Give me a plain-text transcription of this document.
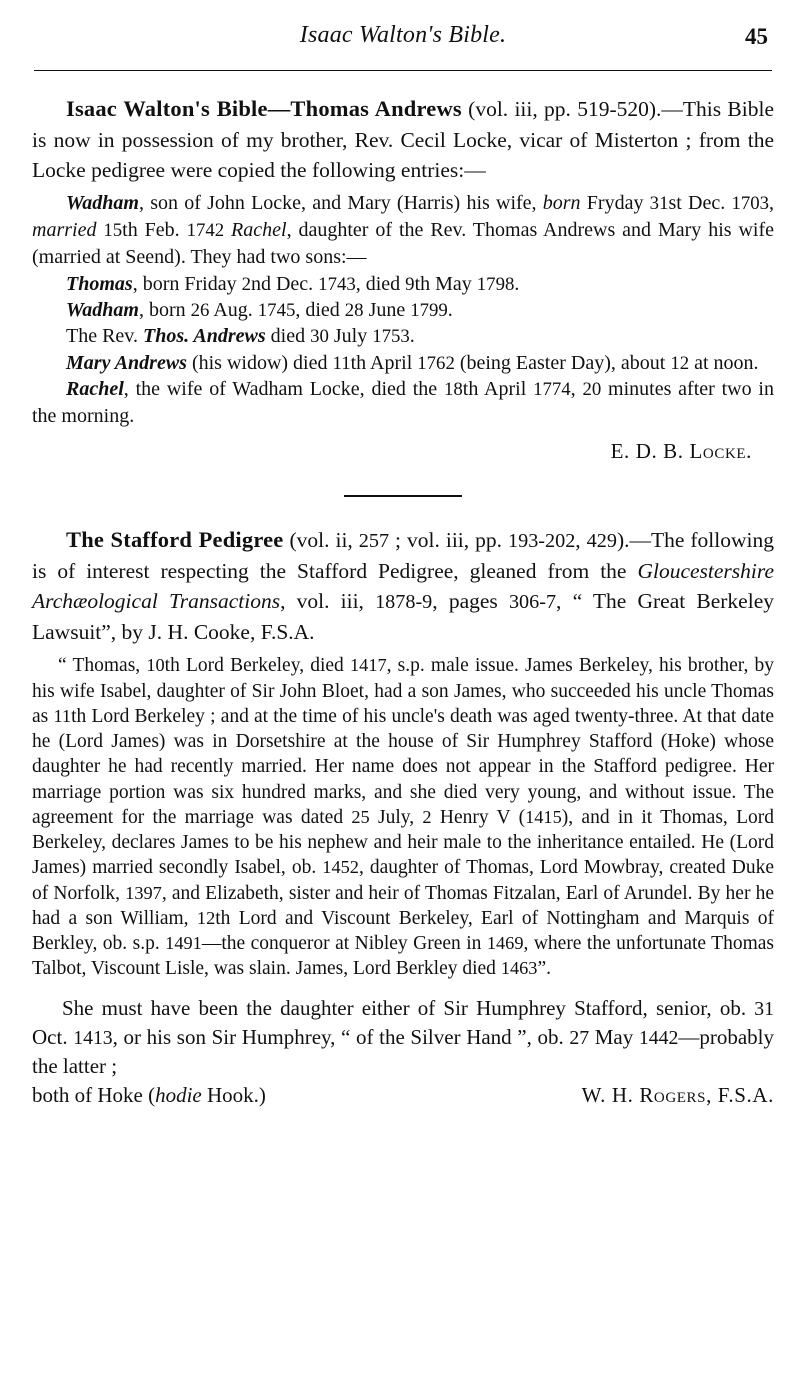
Isaac Walton's Bible.	45

Isaac Walton's Bible—Thomas Andrews (vol. iii, pp. 519-520).—This Bible is now in possession of my brother, Rev. Cecil Locke, vicar of Misterton ; from the Locke pedigree were copied the following entries:—

Wadham, son of John Locke, and Mary (Harris) his wife, born Fryday 31st Dec. 1703, married 15th Feb. 1742 Rachel, daughter of the Rev. Thomas Andrews and Mary his wife (married at Seend). They had two sons:—

Thomas, born Friday 2nd Dec. 1743, died 9th May 1798.

Wadham, born 26 Aug. 1745, died 28 June 1799.

The Rev. Thos. Andrews died 30 July 1753.

Mary Andrews (his widow) died 11th April 1762 (being Easter Day), about 12 at noon.

Rachel, the wife of Wadham Locke, died the 18th April 1774, 20 minutes after two in the morning.

E. D. B. Locke.

The Stafford Pedigree (vol. ii, 257 ; vol. iii, pp. 193-202, 429).—The following is of interest respecting the Stafford Pedigree, gleaned from the Gloucestershire Archæological Transactions, vol. iii, 1878-9, pages 306-7, “ The Great Berkeley Lawsuit”, by J. H. Cooke, F.S.A.

“ Thomas, 10th Lord Berkeley, died 1417, s.p. male issue. James Berkeley, his brother, by his wife Isabel, daughter of Sir John Bloet, had a son James, who succeeded his uncle Thomas as 11th Lord Berkeley ; and at the time of his uncle's death was aged twenty-three. At that date he (Lord James) was in Dorsetshire at the house of Sir Humphrey Stafford (Hoke) whose daughter he had recently married. Her name does not appear in the Stafford pedigree. Her marriage portion was six hundred marks, and she died very young, and without issue. The agreement for the marriage was dated 25 July, 2 Henry V (1415), and in it Thomas, Lord Berkeley, declares James to be his nephew and heir male to the inheritance entailed. He (Lord James) married secondly Isabel, ob. 1452, daughter of Thomas, Lord Mowbray, created Duke of Norfolk, 1397, and Elizabeth, sister and heir of Thomas Fitzalan, Earl of Arundel. By her he had a son William, 12th Lord and Viscount Berkeley, Earl of Nottingham and Marquis of Berkley, ob. s.p. 1491—the conqueror at Nibley Green in 1469, where the unfortunate Thomas Talbot, Viscount Lisle, was slain. James, Lord Berkley died 1463”.

She must have been the daughter either of Sir Humphrey Stafford, senior, ob. 31 Oct. 1413, or his son Sir Humphrey, “ of the Silver Hand ”, ob. 27 May 1442—probably the latter ;

both of Hoke (hodie Hook.)	W. H. Rogers, F.S.A.
